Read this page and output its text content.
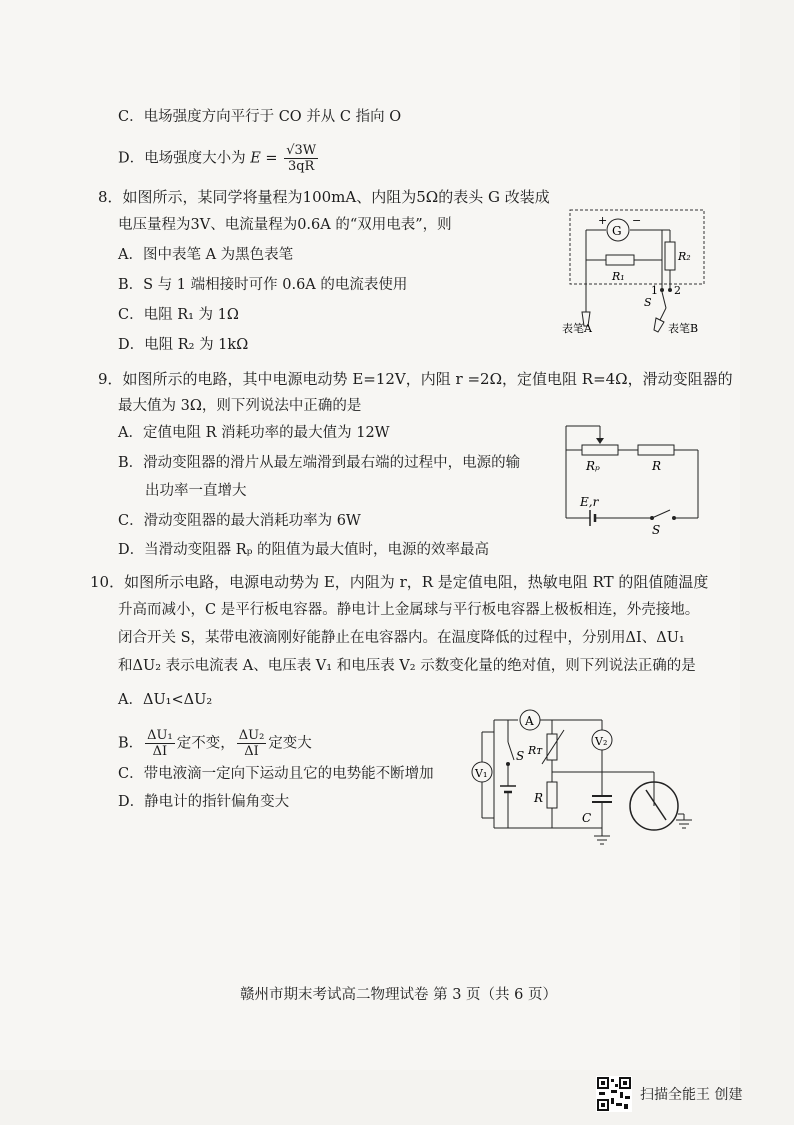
C．电场强度方向平行于 CO 并从 C 指向 O
D．电场强度大小为 $E = \frac{√3W}{3qR}$
8．如图所示，某同学将量程为100mA、内阻为5Ω的表头 G 改装成
电压量程为3V、电流量程为0.6A 的“双用电表”，则
A．图中表笔 A 为黑色表笔
B．S 与 1 端相接时可作 0.6A 的电流表使用
C．电阻 R₁ 为 1Ω
D．电阻 R₂ 为 1kΩ
G
+ −
R₁
R₂
1 2
S
表笔A	表笔B
9．如图所示的电路，其中电源电动势 E=12V，内阻 r =2Ω，定值电阻 R=4Ω，滑动变阻器的
最大值为 3Ω，则下列说法中正确的是
A．定值电阻 R 消耗功率的最大值为 12W
B．滑动变阻器的滑片从最左端滑到最右端的过程中，电源的输
出功率一直增大
C．滑动变阻器的最大消耗功率为 6W
D．当滑动变阻器 Rₚ 的阻值为最大值时，电源的效率最高
Rₚ	R
E,r
S
10．如图所示电路，电源电动势为 E，内阻为 r，R 是定值电阻，热敏电阻 RT 的阻值随温度
升高而减小，C 是平行板电容器。静电计上金属球与平行板电容器上极板相连，外壳接地。
闭合开关 S，某带电液滴刚好能静止在电容器内。在温度降低的过程中，分别用ΔI、ΔU₁
和ΔU₂ 表示电流表 A、电压表 V₁ 和电压表 V₂ 示数变化量的绝对值，则下列说法正确的是
A．ΔU₁<ΔU₂
B． $\frac{\text{ΔU₁}}{\Delta I}$ 定不变， $\frac{\text{ΔU₂}}{\Delta I}$ 定变大
C．带电液滴一定向下运动且它的电势能不断增加
D．静电计的指针偏角变大
A
V₁
S Rᴛ
R
V₂
C
赣州市期末考试高二物理试卷 第 3 页（共 6 页）
扫描全能王 创建
